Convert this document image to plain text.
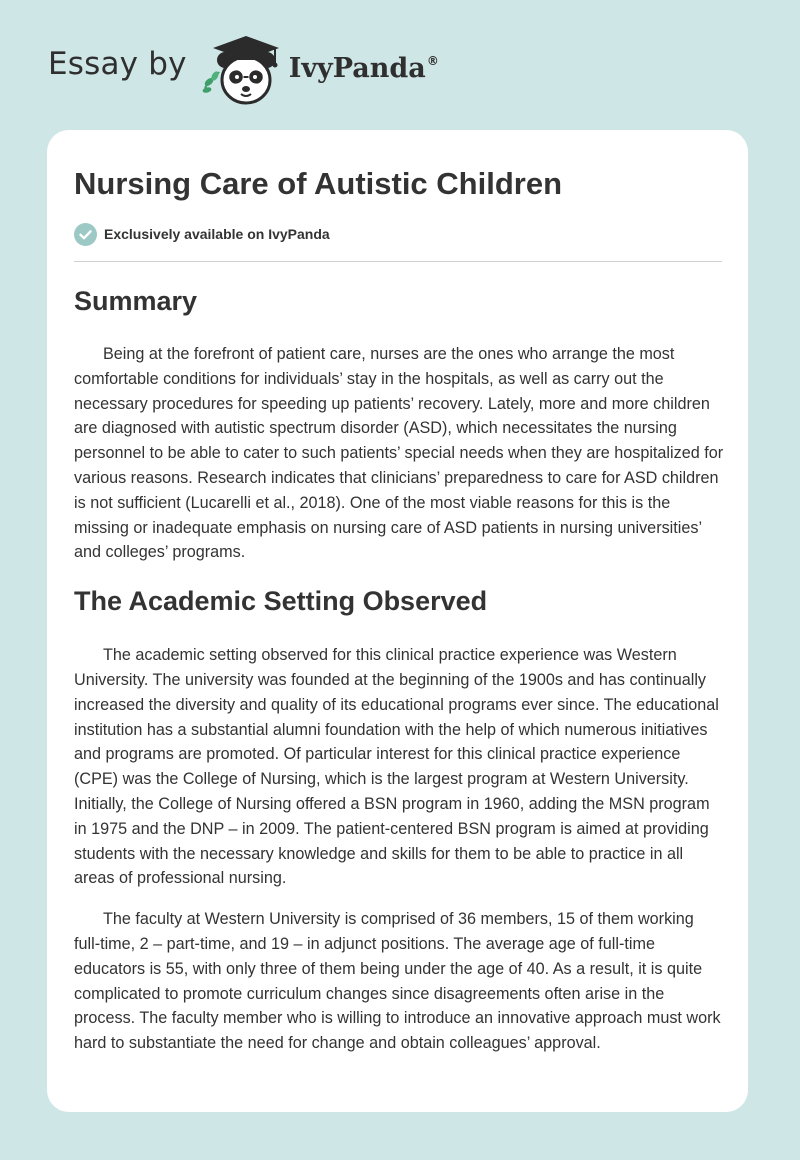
Essay by	IvyPanda®
Nursing Care of Autistic Children
Exclusively available on IvyPanda
Summary

Being at the forefront of patient care, nurses are the ones who arrange the most comfortable conditions for individuals’ stay in the hospitals, as well as carry out the necessary procedures for speeding up patients’ recovery. Lately, more and more children are diagnosed with autistic spectrum disorder (ASD), which necessitates the nursing personnel to be able to cater to such patients’ special needs when they are hospitalized for various reasons. Research indicates that clinicians’ preparedness to care for ASD children is not sufficient (Lucarelli et al., 2018). One of the most viable reasons for this is the missing or inadequate emphasis on nursing care of ASD patients in nursing universities’ and colleges’ programs.

The Academic Setting Observed

The academic setting observed for this clinical practice experience was Western University. The university was founded at the beginning of the 1900s and has continually increased the diversity and quality of its educational programs ever since. The educational institution has a substantial alumni foundation with the help of which numerous initiatives and programs are promoted. Of particular interest for this clinical practice experience (CPE) was the College of Nursing, which is the largest program at Western University. Initially, the College of Nursing offered a BSN program in 1960, adding the MSN program in 1975 and the DNP – in 2009. The patient-centered BSN program is aimed at providing students with the necessary knowledge and skills for them to be able to practice in all areas of professional nursing.

The faculty at Western University is comprised of 36 members, 15 of them working full-time, 2 – part-time, and 19 – in adjunct positions. The average age of full-time educators is 55, with only three of them being under the age of 40. As a result, it is quite complicated to promote curriculum changes since disagreements often arise in the process. The faculty member who is willing to introduce an innovative approach must work hard to substantiate the need for change and obtain colleagues’ approval.
